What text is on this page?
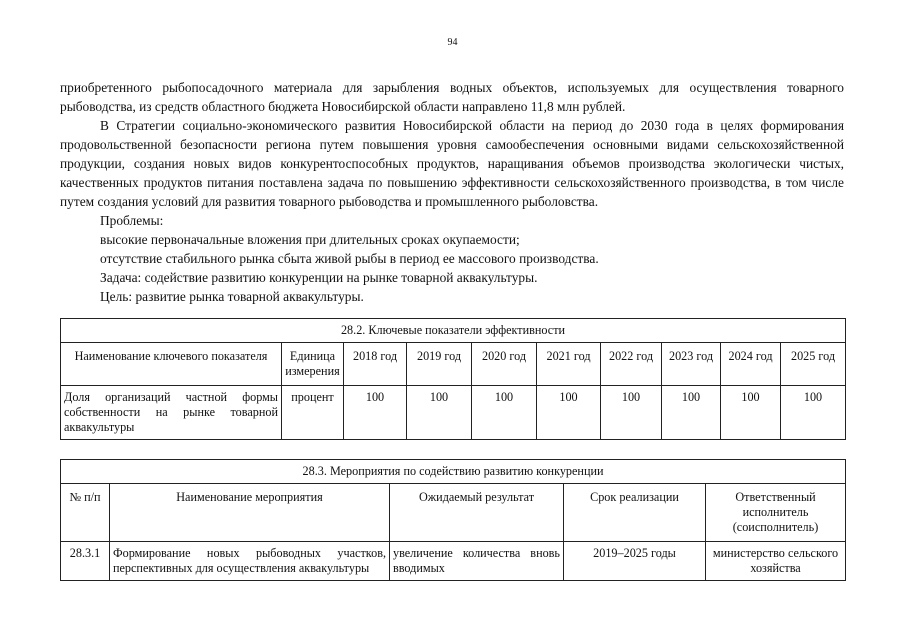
94

приобретенного рыбопосадочного материала для зарыбления водных объектов, используемых для осуществления товарного рыбоводства, из средств областного бюджета Новосибирской области направлено 11,8 млн рублей.

В Стратегии социально-экономического развития Новосибирской области на период до 2030 года в целях формирования продовольственной безопасности региона путем повышения уровня самообеспечения основными видами сельскохозяйственной продукции, создания новых видов конкурентоспособных продуктов, наращивания объемов производства экологически чистых, качественных продуктов питания поставлена задача по повышению эффективности сельскохозяйственного производства, в том числе путем создания условий для развития товарного рыбоводства и промышленного рыболовства.

Проблемы:

высокие первоначальные вложения при длительных сроках окупаемости;

отсутствие стабильного рынка сбыта живой рыбы в период ее массового производства.

Задача: содействие развитию конкуренции на рынке товарной аквакультуры.

Цель: развитие рынка товарной аквакультуры.

28.2. Ключевые показатели эффективности									
Наименование ключевого показателя	Единица измерения	2018 год	2019 год	2020 год	2021 год	2022 год	2023 год	2024 год	2025 год
Доля организаций частной формы собственности на рынке товарной аквакультуры	процент	100	100	100	100	100	100	100	100
28.3. Мероприятия по содействию развитию конкуренции				
№ п/п	Наименование мероприятия	Ожидаемый результат	Срок реализации	Ответственный исполнитель (соисполнитель)
28.3.1	Формирование новых рыбоводных участков, перспективных для осуществления аквакультуры	увеличение количества вновь вводимых	2019–2025 годы	министерство сельского хозяйства
